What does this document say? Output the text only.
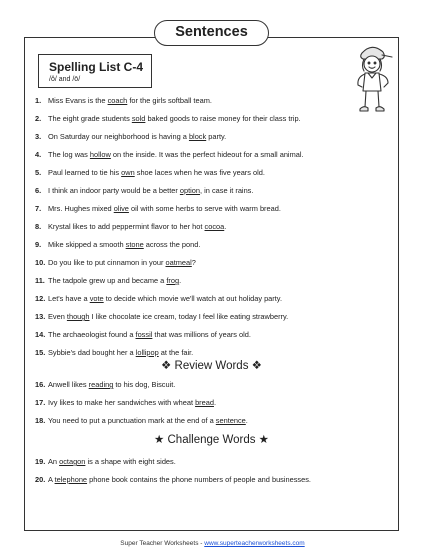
Sentences
Spelling List C-4
/ŏ/ and /ō/
1. Miss Evans is the coach for the girls softball team.
2. The eight grade students sold baked goods to raise money for their class trip.
3. On Saturday our neighborhood is having a block party.
4. The log was hollow on the inside. It was the perfect hideout for a small animal.
5. Paul learned to tie his own shoe laces when he was five years old.
6. I think an indoor party would be a better option, in case it rains.
7. Mrs. Hughes mixed olive oil with some herbs to serve with warm bread.
8. Krystal likes to add peppermint flavor to her hot cocoa.
9. Mike skipped a smooth stone across the pond.
10. Do you like to put cinnamon in your oatmeal?
11. The tadpole grew up and became a frog.
12. Let's have a vote to decide which movie we'll watch at out holiday party.
13. Even though I like chocolate ice cream, today I feel like eating strawberry.
14. The archaeologist found a fossil that was millions of years old.
15. Sybbie's dad bought her a lollipop at the fair.
❖ Review Words ❖
16. Anwell likes reading to his dog, Biscuit.
17. Ivy likes to make her sandwiches with wheat bread.
18. You need to put a punctuation mark at the end of a sentence.
★ Challenge Words ★
19. An octagon is a shape with eight sides.
20. A telephone phone book contains the phone numbers of people and businesses.
Super Teacher Worksheets - www.superteacherworksheets.com
